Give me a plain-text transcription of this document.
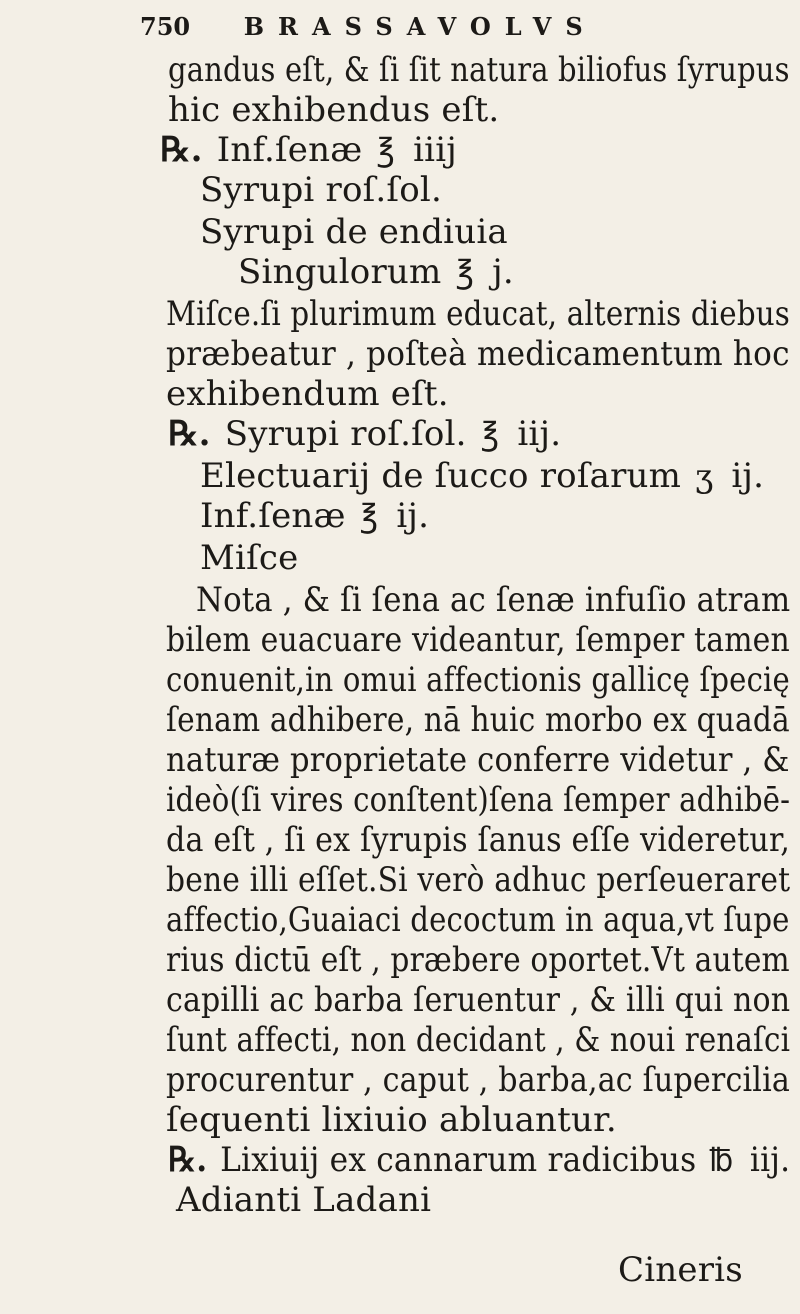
750 BRASSAVOLVS
gandus eſt, & ſi ſit natura biliofus ſyrupus
hic exhibendus eſt.
℞. Inf.ſenæ ℥ iiij
Syrupi roſ.ſol.
Syrupi de endiuia
Singulorum ℥ j.
Miſce.ſi plurimum educat, alternis diebus
præbeatur , poſteà medicamentum hoc
exhibendum eſt.
℞. Syrupi roſ.ſol. ℥ iij.
Electuarij de ſucco roſarum ʒ ij.
Inf.ſenæ ℥ ij.
Miſce
Nota , & ſi ſena ac ſenæ infuſio atram
bilem euacuare videantur, ſemper tamen
conuenit,in omui affectionis gallicę ſpecię
ſenam adhibere, nā huic morbo ex quadā
naturæ proprietate conferre videtur , &
ideò(ſi vires conſtent)ſena ſemper adhibē-
da eſt , ſi ex ſyrupis ſanus eſſe videretur,
bene illi eſſet.Si verò adhuc perſeueraret
affectio,Guaiaci decoctum in aqua,vt ſupe
rius dictū eſt , præbere oportet.Vt autem
capilli ac barba ſeruentur , & illi qui non
ſunt affecti, non decidant , & noui renaſci
procurentur , caput , barba,ac ſupercilia
ſequenti lixiuio abluantur.
℞. Lixiuij ex cannarum radicibus ℔ iij.
Adianti Ladani
Cineris
